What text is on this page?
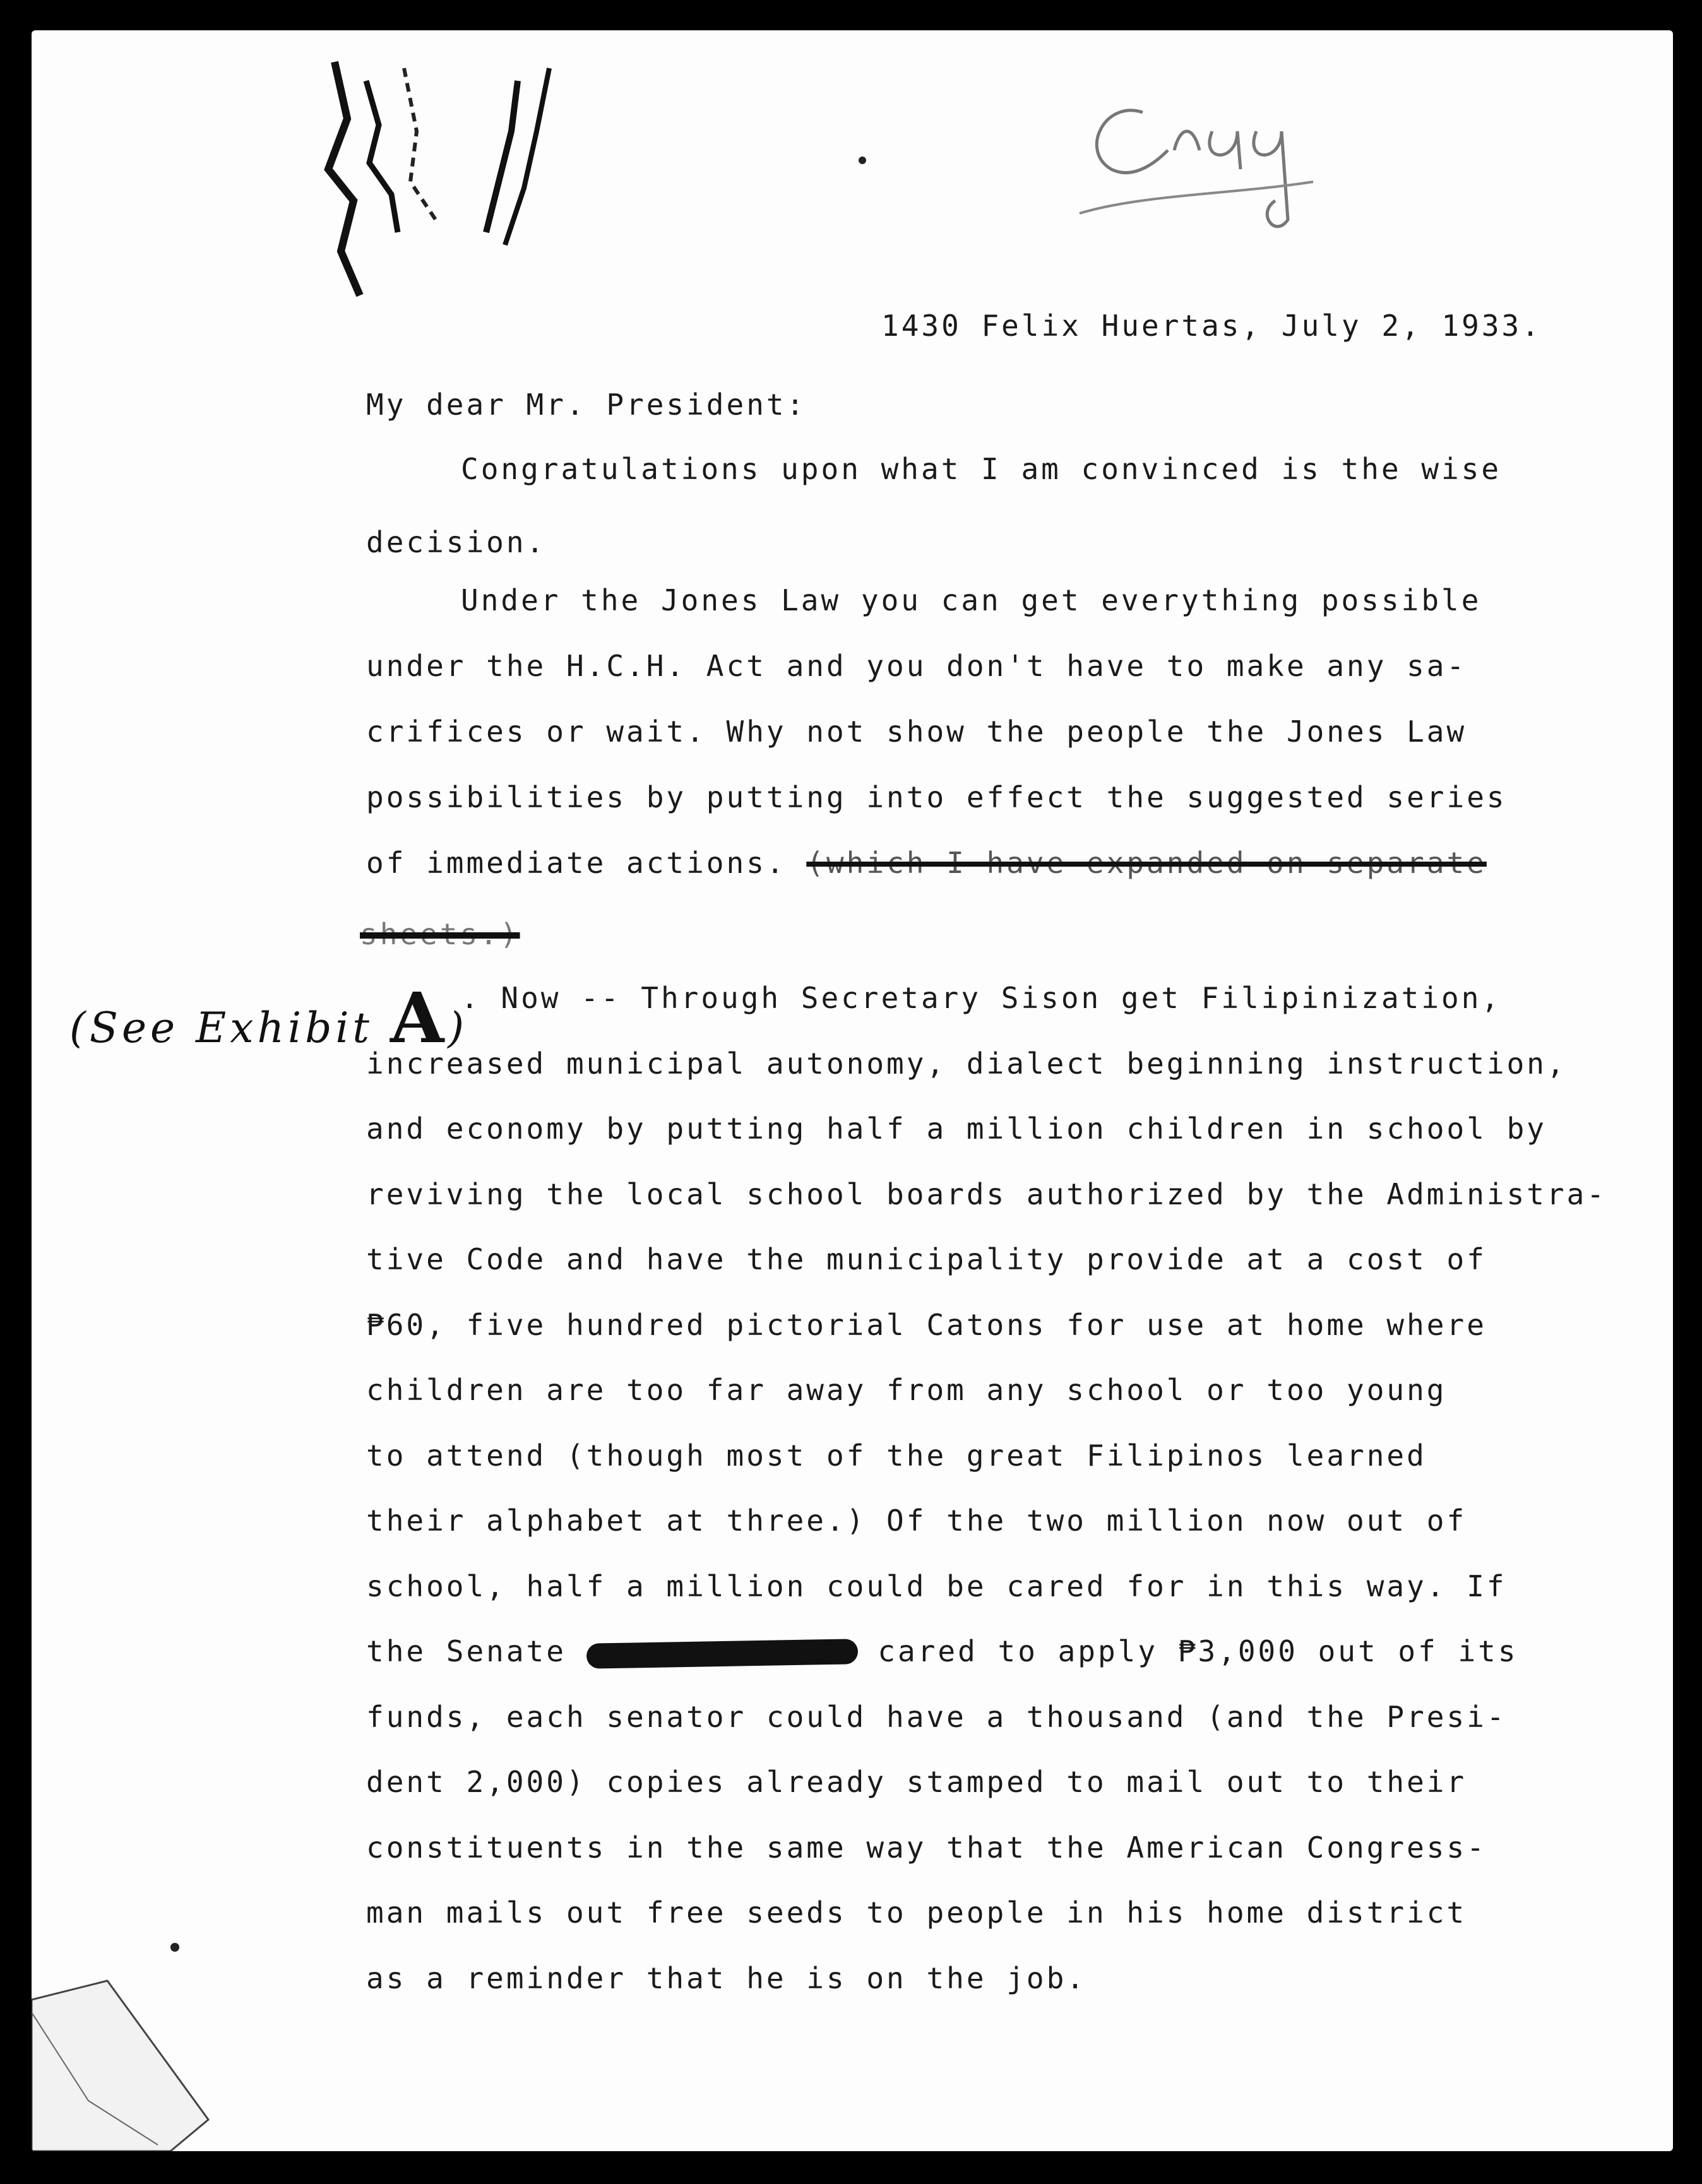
1430 Felix Huertas, July 2, 1933.

My dear Mr. President:

Congratulations upon what I am convinced is the wise

decision.

Under the Jones Law you can get everything possible
under the H.C.H. Act and you don't have to make any sa-
crifices or wait. Why not show the people the Jones Law
possibilities by putting into effect the suggested series
of immediate actions. (which I have expanded on separate
sheets.)
(See Exhibit A)
. Now -- Through Secretary Sison get Filipinization,
increased municipal autonomy, dialect beginning instruction,
and economy by putting half a million children in school by
reviving the local school boards authorized by the Administra-
tive Code and have the municipality provide at a cost of
₱60, five hundred pictorial Catons for use at home where
children are too far away from any school or too young
to attend (though most of the great Filipinos learned
their alphabet at three.) Of the two million now out of
school, half a million could be cared for in this way. If
the Senate	cared to apply ₱3,000 out of its
funds, each senator could have a thousand (and the Presi-
dent 2,000) copies already stamped to mail out to their
constituents in the same way that the American Congress-
man mails out free seeds to people in his home district
as a reminder that he is on the job.
